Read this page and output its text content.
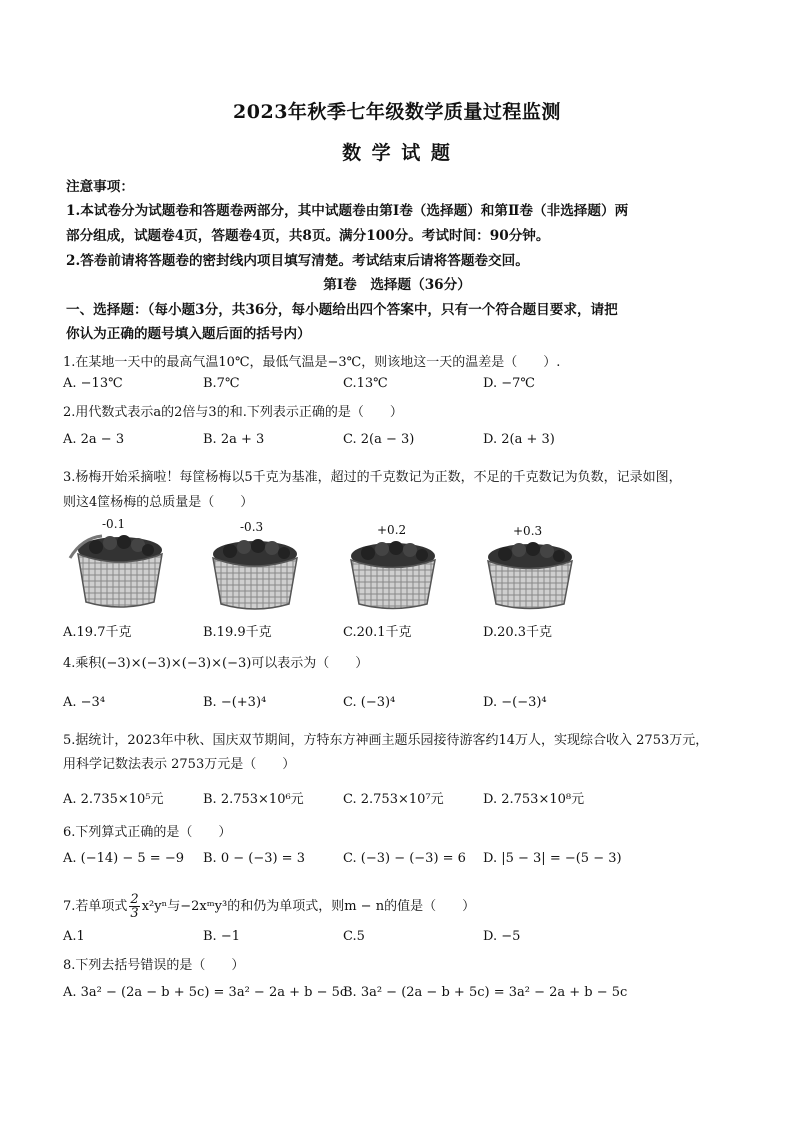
2023年秋季七年级数学质量过程监测
数 学 试 题
注意事项：
1.本试卷分为试题卷和答题卷两部分，其中试题卷由第Ⅰ卷（选择题）和第Ⅱ卷（非选择题）两
部分组成，试题卷4页，答题卷4页，共8页。满分100分。考试时间：90分钟。
2.答卷前请将答题卷的密封线内项目填写清楚。考试结束后请将答题卷交回。
第Ⅰ卷　选择题（36分）
一、选择题：（每小题3分，共36分，每小题给出四个答案中，只有一个符合题目要求，请把
你认为正确的题号填入题后面的括号内）
1.在某地一天中的最高气温10℃，最低气温是−3℃，则该地这一天的温差是（　　）.
A. −13℃	B.7℃	C.13℃	D. −7℃
2.用代数式表示a的2倍与3的和.下列表示正确的是（　　）
A. 2a − 3	B. 2a + 3	C. 2(a − 3)	D. 2(a + 3)
3.杨梅开始采摘啦！每筐杨梅以5千克为基准，超过的千克数记为正数，不足的千克数记为负数，记录如图，
则这4筐杨梅的总质量是（　　）
-0.1	-0.3	+0.2	+0.3
A.19.7千克	B.19.9千克	C.20.1千克	D.20.3千克
4.乘积(−3)×(−3)×(−3)×(−3)可以表示为（　　）
A. −3⁴	B. −(+3)⁴	C. (−3)⁴	D. −(−3)⁴
5.据统计，2023年中秋、国庆双节期间，方特东方神画主题乐园接待游客约14万人，实现综合收入 2753万元，
用科学记数法表示 2753万元是（　　）
A. 2.735×10⁵元	B. 2.753×10⁶元	C. 2.753×10⁷元	D. 2.753×10⁸元
6.下列算式正确的是（　　）
A. (−14) − 5 = −9 B. 0 − (−3) = 3	C. (−3) − (−3) = 6 D. |5 − 3| = −(5 − 3)
7.若单项式 $\frac{2}{3} x^2y^n$与−2xᵐy³的和仍为单项式，则m − n的值是（　　）
A.1	B. −1	C.5	D. −5
8.下列去括号错误的是（　　）
A. 3a² − (2a − b + 5c) = 3a² − 2a + b − 5c
B. 3a² − (2a − b + 5c) = 3a² − 2a + b − 5c
